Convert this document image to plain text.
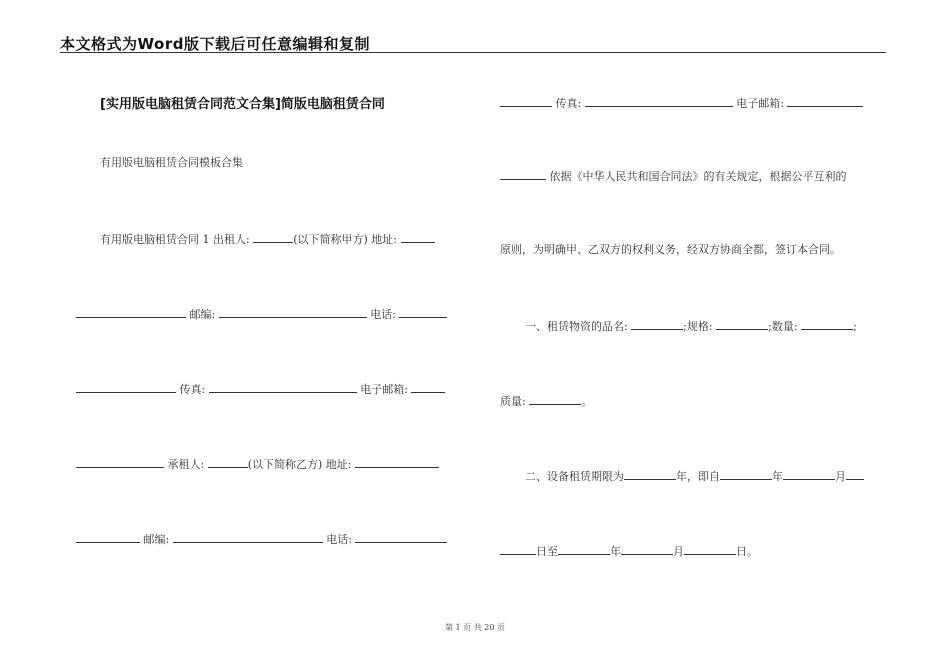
本文格式为Word版下载后可任意编辑和复制
[实用版电脑租赁合同范文合集]简版电脑租赁合同
有用版电脑租赁合同模板合集
有用版电脑租赁合同 1 出租人:	(以下简称甲方) 地址:
邮编:	电话:
传真:	电子邮箱:
承租人:	(以下简称乙方) 地址:
邮编:	电话:
传真:	电子邮箱:
依据《中华人民共和国合同法》的有关规定，根据公平互利的
原则，为明确甲、乙双方的权利义务，经双方协商全都，签订本合同。
一、租赁物资的品名:	;规格:	;数量:	;
质量:	。
二、设备租赁期限为	年，即自	年	月
日至	年	月	日。
第 1 页 共 20 页
